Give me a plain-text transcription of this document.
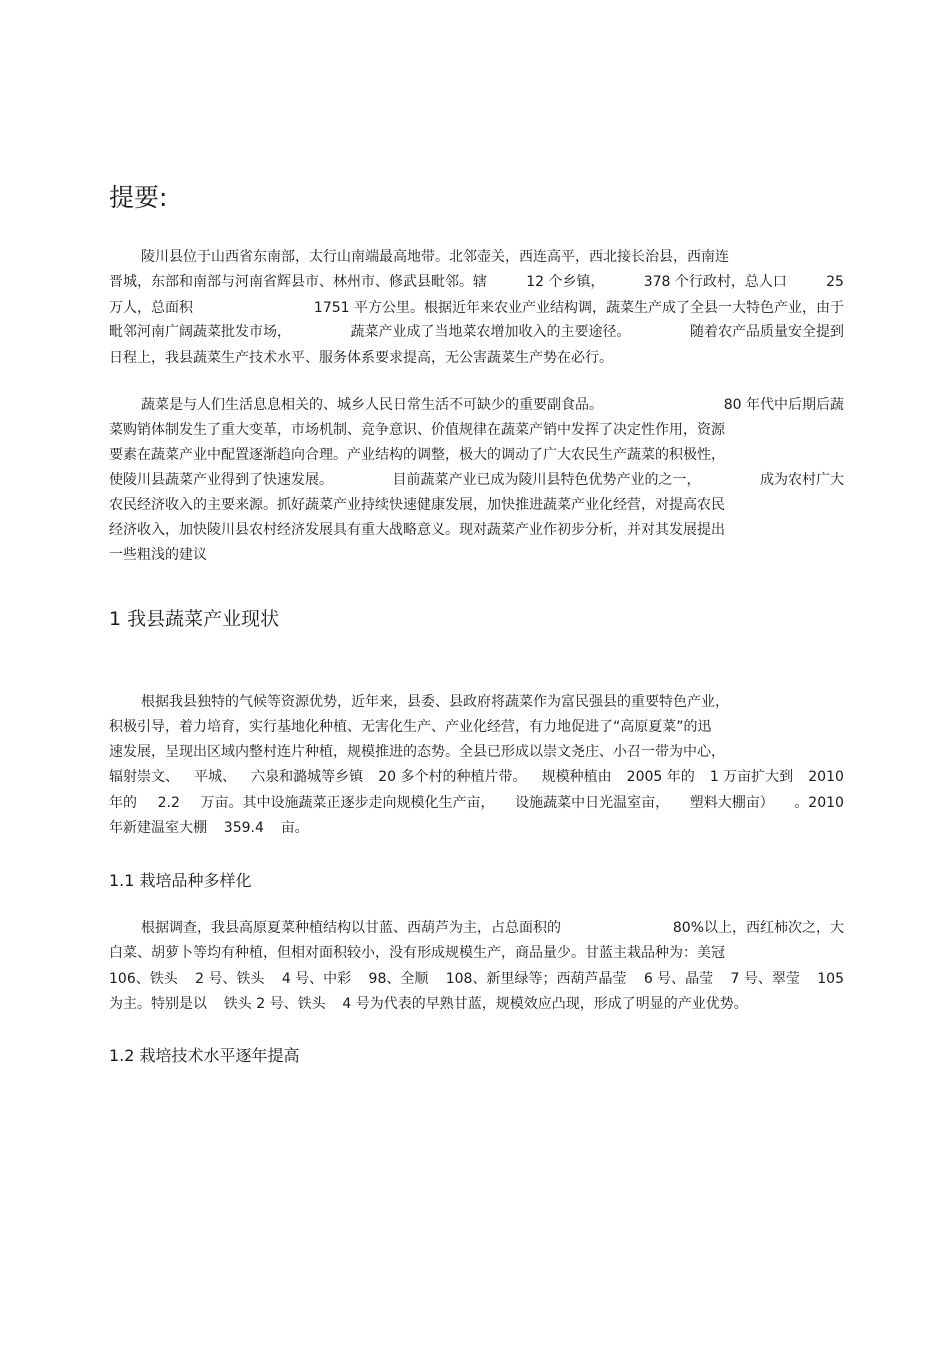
提要:
陵川县位于山西省东南部，太行山南端最高地带。北邻壶关，西连高平，西北接长治县，西南连
晋城，东部和南部与河南省辉县市、林州市、修武县毗邻。辖	12 个乡镇，	378 个行政村，总人口	25
万人，总面积	1751 平方公里。根据近年来农业产业结构调，蔬菜生产成了全县一大特色产业，由于
毗邻河南广阔蔬菜批发市场，	蔬菜产业成了当地菜农增加收入的主要途径。	随着农产品质量安全提到
日程上，我县蔬菜生产技术水平、服务体系要求提高，无公害蔬菜生产势在必行。
蔬菜是与人们生活息息相关的、城乡人民日常生活不可缺少的重要副食品。	80 年代中后期后蔬
菜购销体制发生了重大变革，市场机制、竞争意识、价值规律在蔬菜产销中发挥了决定性作用，资源
要素在蔬菜产业中配置逐渐趋向合理。产业结构的调整，极大的调动了广大农民生产蔬菜的积极性，
使陵川县蔬菜产业得到了快速发展。	目前蔬菜产业已成为陵川县特色优势产业的之一，	成为农村广大
农民经济收入的主要来源。抓好蔬菜产业持续快速健康发展，加快推进蔬菜产业化经营，对提高农民
经济收入，加快陵川县农村经济发展具有重大战略意义。现对蔬菜产业作初步分析，并对其发展提出
一些粗浅的建议
1 我县蔬菜产业现状
根据我县独特的气候等资源优势，近年来，县委、县政府将蔬菜作为富民强县的重要特色产业，
积极引导，着力培育，实行基地化种植、无害化生产、产业化经营，有力地促进了“高原夏菜”的迅
速发展，呈现出区域内整村连片种植，规模推进的态势。全县已形成以崇文尧庄、小召一带为中心，
辐射崇文、 平城、 六泉和潞城等乡镇 20 多个村的种植片带。 规模种植由 2005 年的 1 万亩扩大到 2010
年的 2.2 万亩。其中设施蔬菜正逐步走向规模化生产亩， 设施蔬菜中日光温室亩， 塑料大棚亩） 。2010
年新建温室大棚 359.4 亩。
1.1 栽培品种多样化
根据调查，我县高原夏菜种植结构以甘蓝、西葫芦为主，占总面积的	80%以上，西红柿次之，大
白菜、胡萝卜等均有种植，但相对面积较小，没有形成规模生产，商品量少。甘蓝主栽品种为：美冠
106、铁头 2 号、铁头 4 号、中彩 98、全顺 108、新里绿等；西葫芦晶莹 6 号、晶莹 7 号、翠莹 105
为主。特别是以 铁头 2 号、铁头 4 号为代表的早熟甘蓝，规模效应凸现，形成了明显的产业优势。
1.2 栽培技术水平逐年提高
